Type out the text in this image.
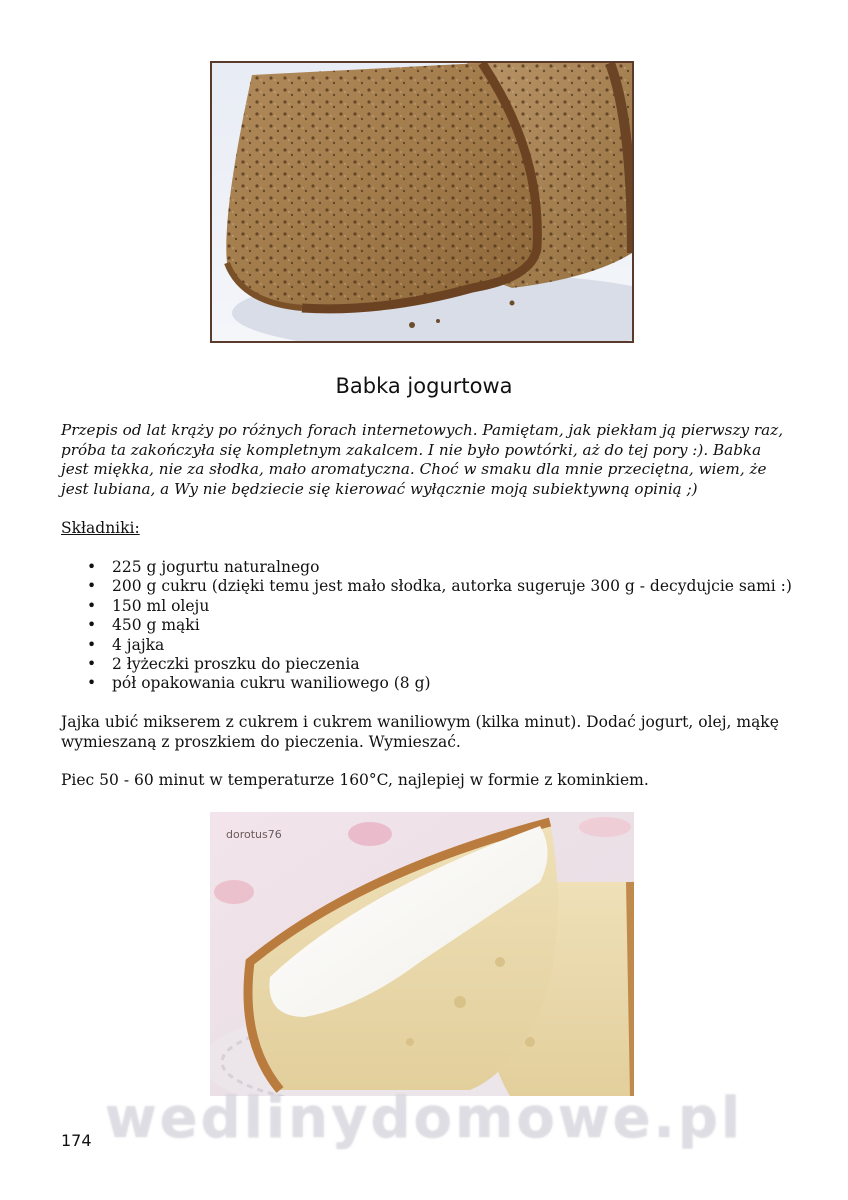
Babka jogurtowa

Przepis od lat krąży po różnych forach internetowych. Pamiętam, jak piekłam ją pierwszy raz, próba ta zakończyła się kompletnym zakalcem. I nie było powtórki, aż do tej pory :). Babka jest miękka, nie za słodka, mało aromatyczna. Choć w smaku dla mnie przeciętna, wiem, że jest lubiana, a Wy nie będziecie się kierować wyłącznie moją subiektywną opinią ;)

Składniki:

• 225 g jogurtu naturalnego
• 200 g cukru (dzięki temu jest mało słodka, autorka sugeruje 300 g - decydujcie sami :)
• 150 ml oleju
• 450 g mąki
• 4 jajka
• 2 łyżeczki proszku do pieczenia
• pół opakowania cukru waniliowego (8 g)

Jajka ubić mikserem z cukrem i cukrem waniliowym (kilka minut). Dodać jogurt, olej, mąkę wymieszaną z proszkiem do pieczenia. Wymieszać.

Piec 50 - 60 minut w temperaturze 160°C, najlepiej w formie z kominkiem.

dorotus76
wedlinydomowe.pl
174
